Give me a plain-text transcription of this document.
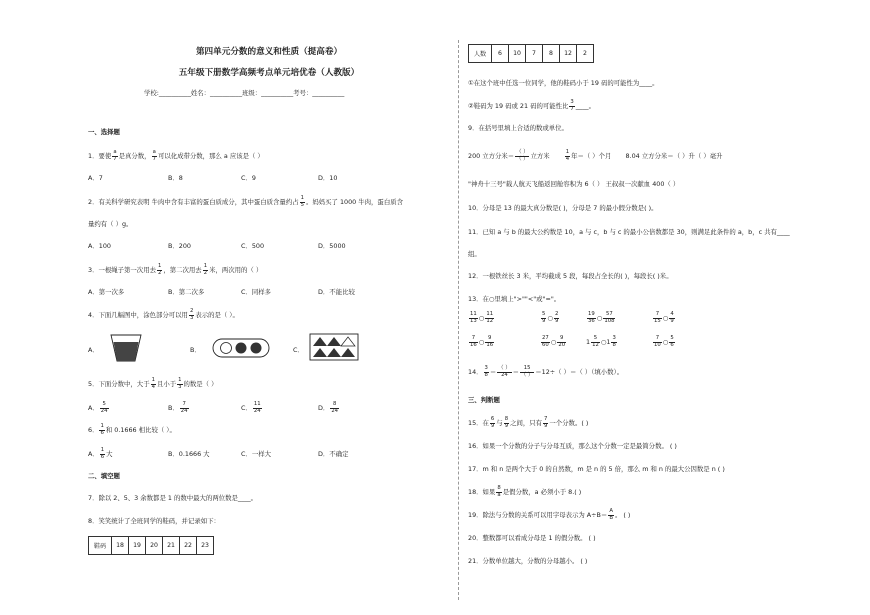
第四单元分数的意义和性质（提高卷）
五年级下册数学高频考点单元培优卷（人教版）
学校:__________姓名：__________班级：__________考号：__________
一、选择题
1．要使 $\frac{a}{7}$ 是真分数， $\frac{a}{7}$ 可以化成带分数，那么 a 应该是（ ）
A．7	B．8	C．9	D．10
2．有关科学研究表明 牛肉中含有丰富的蛋白质成分，其中蛋白质含量约占 $\frac{1}{5}$ 。妈妈买了 1000 牛肉，蛋白质含
量约有（ ）g。
A．100	B．200	C．500	D．5000
3．一根绳子第一次用去 $\frac{1}{2}$ ，第二次用去 $\frac{1}{2}$ 米，两次用的（ ）
A．第一次多	B．第二次多	C．同样多	D．不能比较
4．下面几幅图中，涂色部分可以用 $\frac{2}{3}$ 表示的是（ ）。
A．	B．	C．
5．下面分数中，大于 $\frac{1}{4}$ 且小于 $\frac{1}{3}$ 的数是（ ）
A． $\frac{5}{24}$	B． $\frac{7}{24}$	C． $\frac{11}{24}$	D． $\frac{8}{24}$
6． $\frac{1}{6}$ 和 0.1666 相比较（ ）。
A． $\frac{1}{6}$ 大	B．0.1666 大	C．一样大	D．不确定
二、填空题
7．除以 2、5、3 余数都是 1 的数中最大的两位数是____。
8．笑笑统计了全班同学的鞋码，并记录如下：
鞋码	18	19	20	21	22	23
人数	6	10	7	8	12	2
①在这个班中任选一位同学，他的鞋码小于 19 码的可能性为____。
②鞋码为 19 码或 21 码的可能性比 $\frac{3}{7}$ ____。
9．在括号里填上合适的数或单位。
200 立方分米＝ $\frac{( )}{( )}$ 立方米	$\frac{1}{4}$ 年＝（ ）个月 8.04 立方分米＝（ ）升（ ）毫升
"神舟十三号"载人航天飞船返回舱容积为 6（ ） 王叔叔一次献血 400（ ）
10．分母是 13 的最大真分数是( )，分母是 7 的最小假分数是( )。
11．已知 a 与 b 的最大公约数是 10，a 与 c，b 与 c 的最小公倍数都是 30，则满足此条件的 a，b，c 共有____
组。
12．一根铁丝长 3 米，平均截成 5 段，每段占全长的( )，每段长( )米。
13．在○里填上">""<"或"="。
$\frac{11}{13}$ ○ $\frac{11}{12}$	$\frac{5}{9}$ ○ $\frac{2}{9}$	$\frac{19}{36}$ ○ $\frac{57}{108}$	$\frac{7}{15}$ ○ $\frac{4}{9}$
$\frac{7}{16}$ ○ $\frac{9}{16}$	$\frac{27}{60}$ ○ $\frac{9}{20}$	$1 \frac{5}{12}$ ○1 $\frac{3}{8}$	$\frac{7}{10}$ ○ $\frac{5}{6}$
14． $\frac{3}{8} = \frac{( )}{24} = \frac{15}{( )} =12\div$（ ）＝（ ）（填小数）。
三、判断题
15．在 $\frac{6}{9}$ 与 $\frac{8}{9}$ 之间，只有 $\frac{7}{9}$ 一个分数。( )
16．如果一个分数的分子与分母互质，那么这个分数一定是最简分数。 ( )
17．m 和 n 是两个大于 0 的自然数，m 是 n 的 5 倍，那么 m 和 n 的最大公因数是 n ( )
18．如果 $\frac{8}{a}$ 是假分数，a 必须小于 8.( )
19．除法与分数的关系可以用字母表示为 $A\div B= \frac{A}{B}$ 。 ( )
20．整数都可以看成分母是 1 的假分数。 ( )
21．分数单位越大，分数的分母越小。 ( )
